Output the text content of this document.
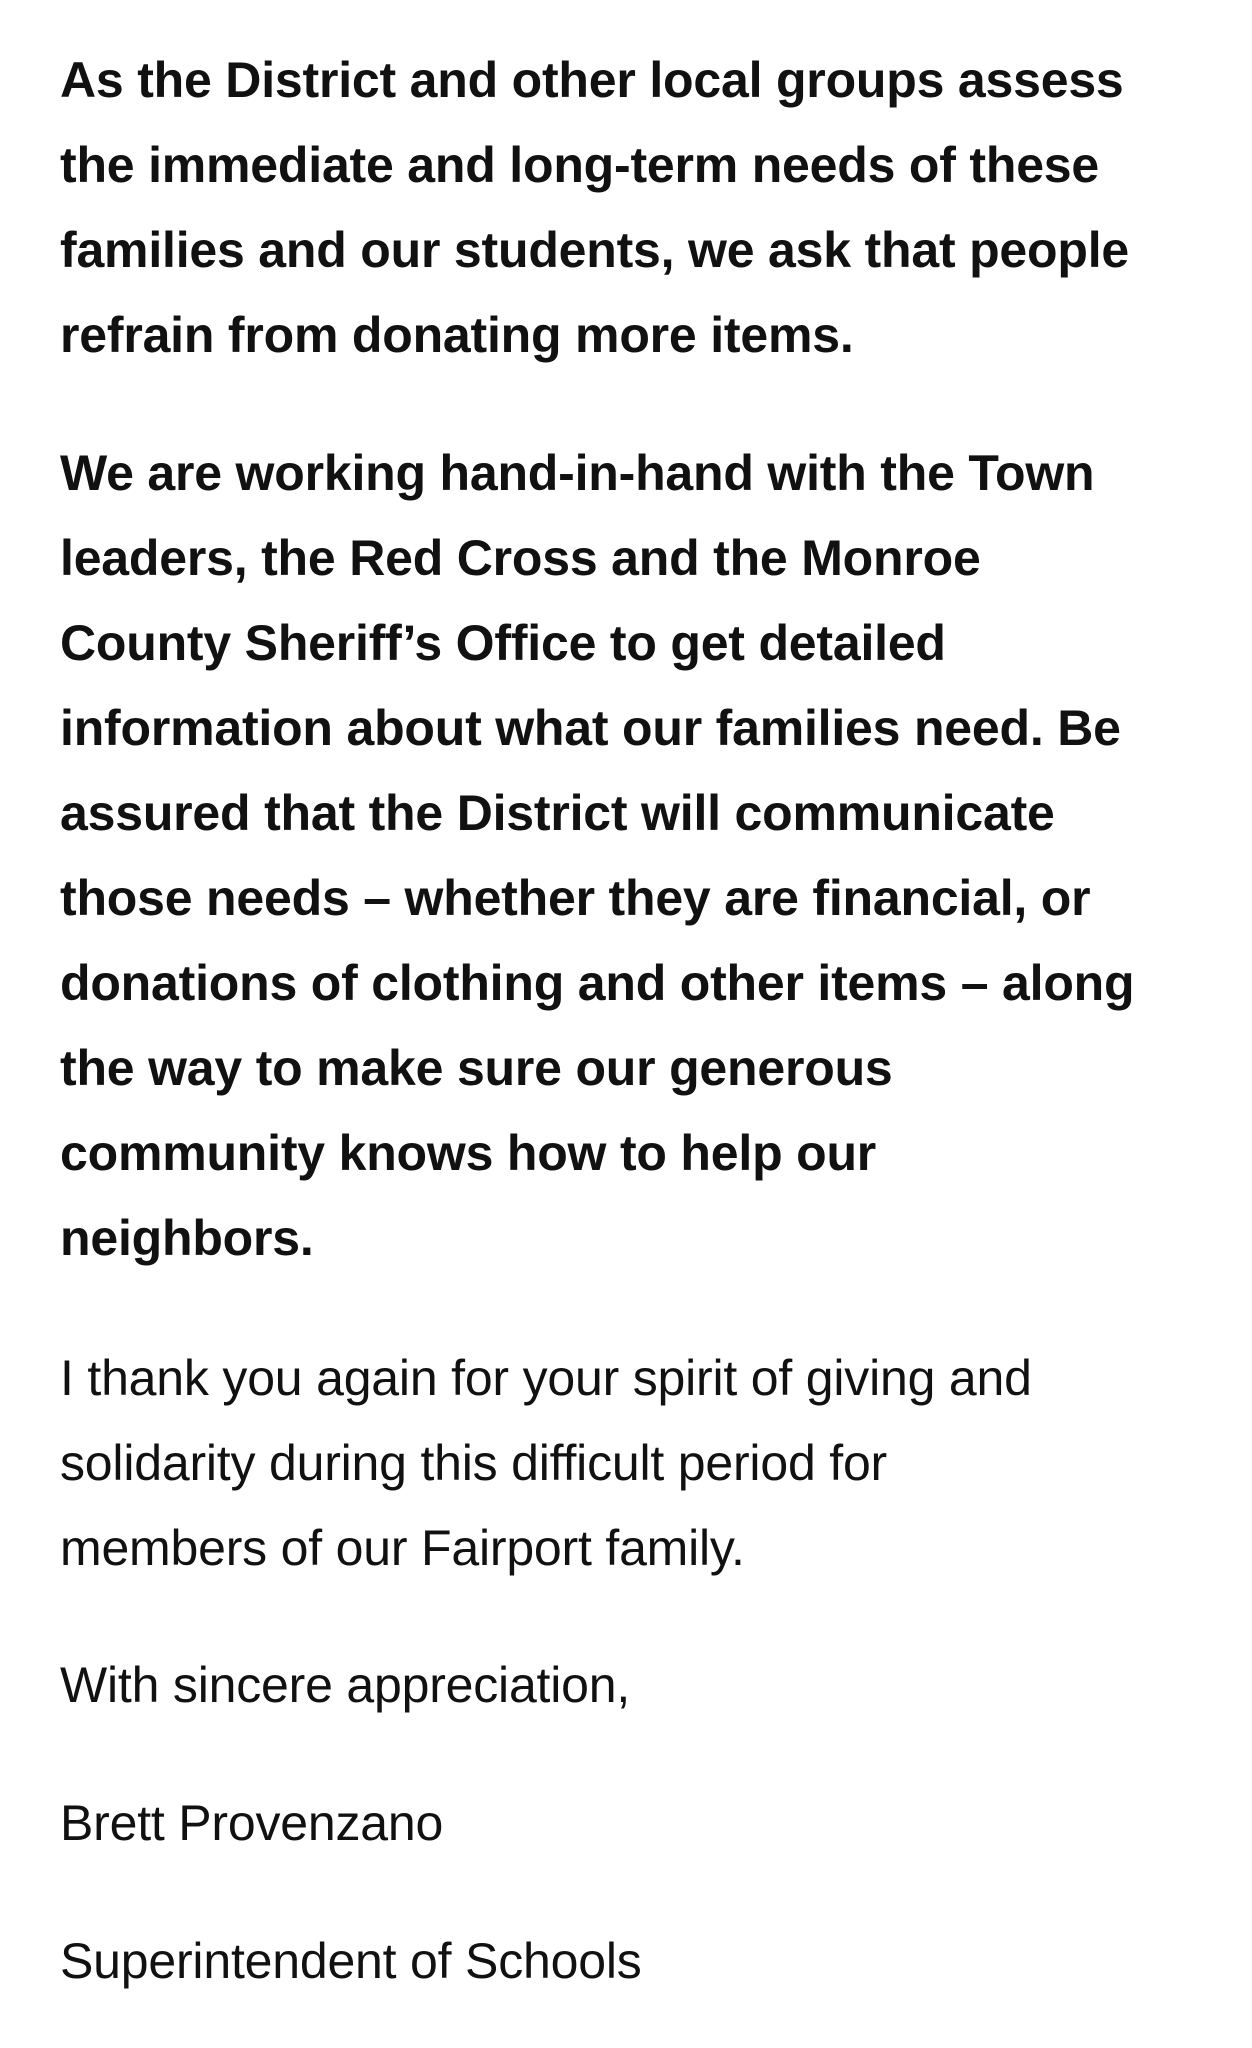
As the District and other local groups assess
the immediate and long-term needs of these
families and our students, we ask that people
refrain from donating more items.

We are working hand-in-hand with the Town
leaders, the Red Cross and the Monroe
County Sheriff’s Office to get detailed
information about what our families need. Be
assured that the District will communicate
those needs – whether they are financial, or
donations of clothing and other items – along
the way to make sure our generous
community knows how to help our
neighbors.

I thank you again for your spirit of giving and
solidarity during this difficult period for
members of our Fairport family.

With sincere appreciation,

Brett Provenzano

Superintendent of Schools
